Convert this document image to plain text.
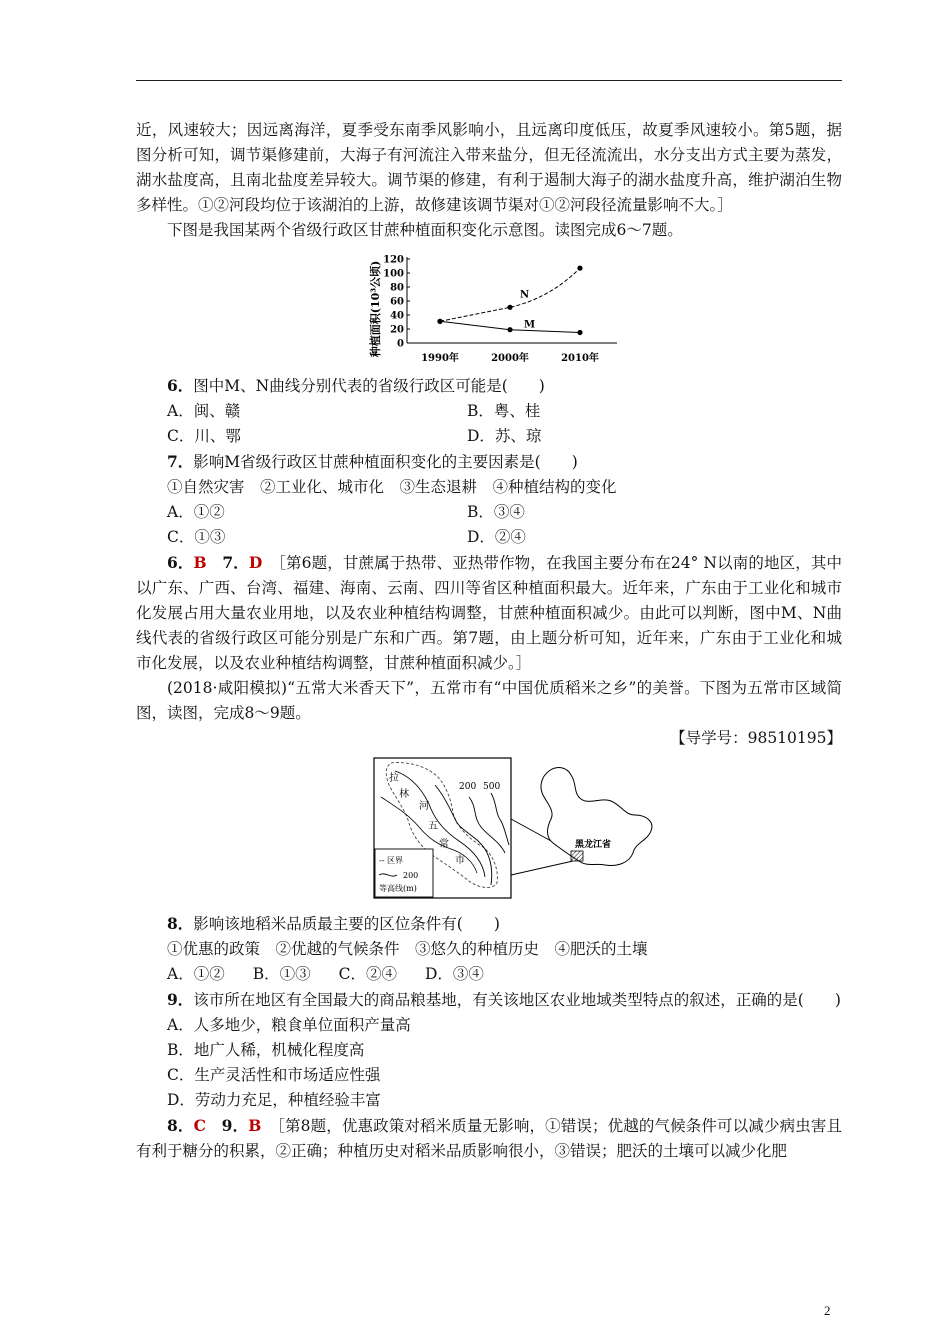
近，风速较大；因远离海洋，夏季受东南季风影响小，且远离印度低压，故夏季风速较小。第5题，据图分析可知，调节渠修建前，大海子有河流注入带来盐分，但无径流流出，水分支出方式主要为蒸发，湖水盐度高，且南北盐度差异较大。调节渠的修建，有利于遏制大海子的湖水盐度升高，维护湖泊生物多样性。①②河段均位于该湖泊的上游，故修建该调节渠对①②河段径流量影响不大。］

下图是我国某两个省级行政区甘蔗种植面积变化示意图。读图完成6～7题。

种植面积(10³公顷) 0
20
40
60
80
100
120
1990年	2000年	2010年
N
M

6．图中M、N曲线分别代表的省级行政区可能是(　　)

A．闽、赣	B．粤、桂
C．川、鄂	D．苏、琼

7．影响M省级行政区甘蔗种植面积变化的主要因素是(　　)

①自然灾害　②工业化、城市化　③生态退耕　④种植结构的变化
A．①②	B．③④
C．①③	D．②④

6．B　 7．D　 ［第6题，甘蔗属于热带、亚热带作物，在我国主要分布在24° N以南的地区，其中以广东、广西、台湾、福建、海南、云南、四川等省区种植面积最大。近年来，广东由于工业化和城市化发展占用大量农业用地，以及农业种植结构调整，甘蔗种植面积减少。由此可以判断，图中M、N曲线代表的省级行政区可能分别是广东和广西。第7题，由上题分析可知，近年来，广东由于工业化和城市化发展，以及农业种植结构调整，甘蔗种植面积减少。］

(2018·咸阳模拟)“五常大米香天下”，五常市有“中国优质稻米之乡”的美誉。下图为五常市区域简图，读图，完成8～9题。

【导学号：98510195】

拉
林
河
五
常
市
200 500
-- 区界
200
等高线(m)
黑龙江省

8．影响该地稻米品质最主要的区位条件有(　　)

①优惠的政策　②优越的气候条件　③悠久的种植历史　④肥沃的土壤
A．①② B．①③ C．②④ D．③④

9．该市所在地区有全国最大的商品粮基地，有关该地区农业地域类型特点的叙述，正确的是(　　)

A．人多地少，粮食单位面积产量高
B．地广人稀，机械化程度高
C．生产灵活性和市场适应性强
D．劳动力充足，种植经验丰富

8．C　 9．B　 ［第8题，优惠政策对稻米质量无影响，①错误；优越的气候条件可以减少病虫害且有利于糖分的积累，②正确；种植历史对稻米品质影响很小，③错误；肥沃的土壤可以减少化肥

2
